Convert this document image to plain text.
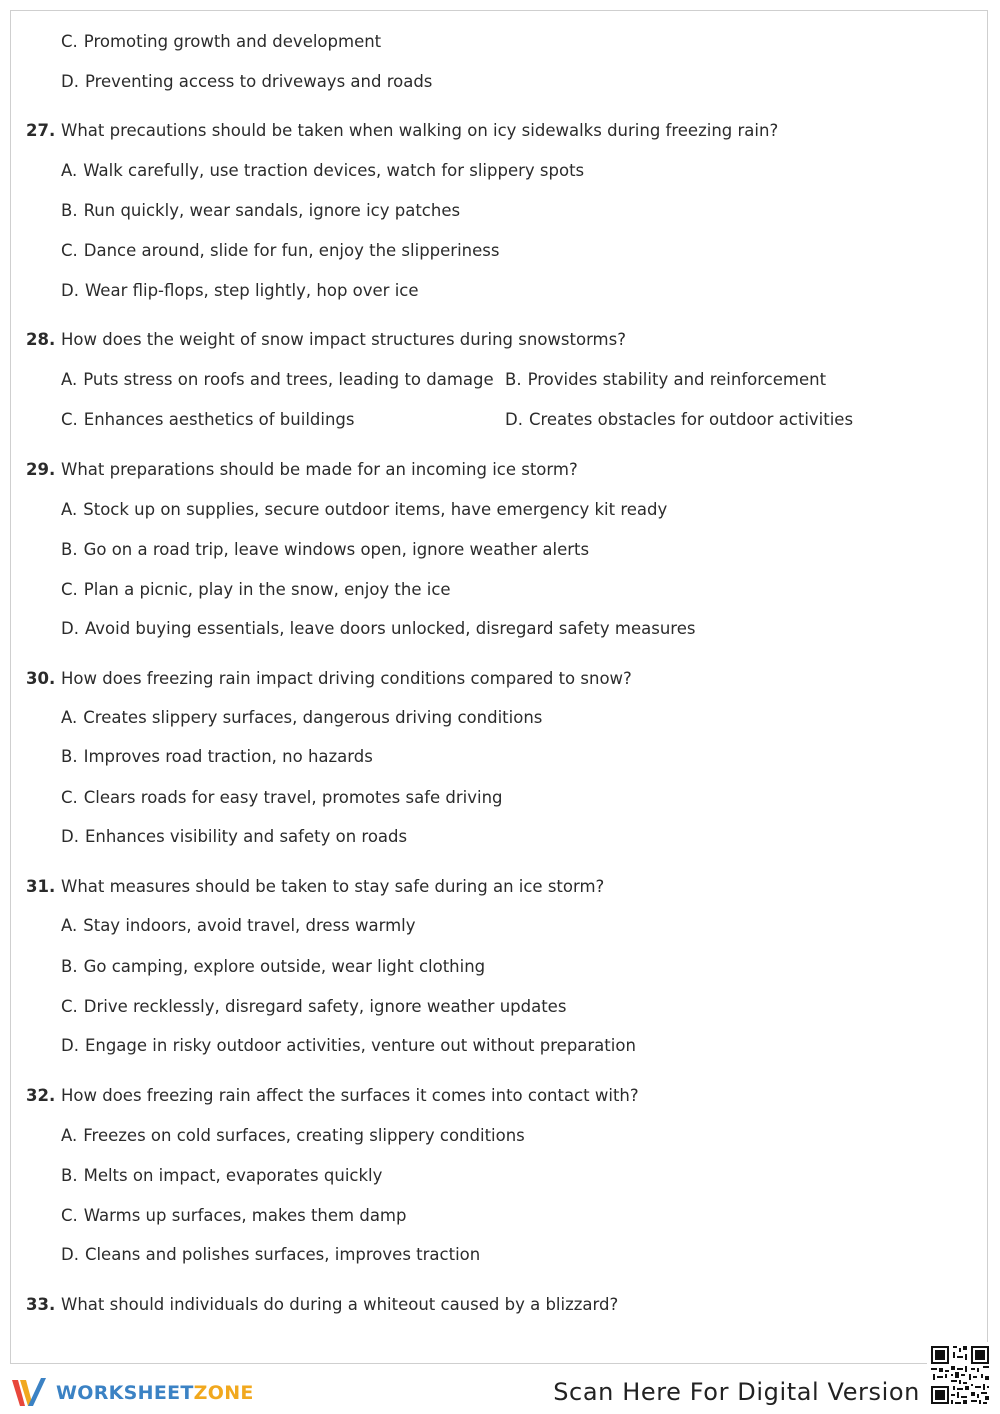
C. Promoting growth and development
D. Preventing access to driveways and roads
27. What precautions should be taken when walking on icy sidewalks during freezing rain?
A. Walk carefully, use traction devices, watch for slippery spots
B. Run quickly, wear sandals, ignore icy patches
C. Dance around, slide for fun, enjoy the slipperiness
D. Wear flip-flops, step lightly, hop over ice
28. How does the weight of snow impact structures during snowstorms?
A. Puts stress on roofs and trees, leading to damage B. Provides stability and reinforcement
C. Enhances aesthetics of buildings	D. Creates obstacles for outdoor activities
29. What preparations should be made for an incoming ice storm?
A. Stock up on supplies, secure outdoor items, have emergency kit ready
B. Go on a road trip, leave windows open, ignore weather alerts
C. Plan a picnic, play in the snow, enjoy the ice
D. Avoid buying essentials, leave doors unlocked, disregard safety measures
30. How does freezing rain impact driving conditions compared to snow?
A. Creates slippery surfaces, dangerous driving conditions
B. Improves road traction, no hazards
C. Clears roads for easy travel, promotes safe driving
D. Enhances visibility and safety on roads
31. What measures should be taken to stay safe during an ice storm?
A. Stay indoors, avoid travel, dress warmly
B. Go camping, explore outside, wear light clothing
C. Drive recklessly, disregard safety, ignore weather updates
D. Engage in risky outdoor activities, venture out without preparation
32. How does freezing rain affect the surfaces it comes into contact with?
A. Freezes on cold surfaces, creating slippery conditions
B. Melts on impact, evaporates quickly
C. Warms up surfaces, makes them damp
D. Cleans and polishes surfaces, improves traction
33. What should individuals do during a whiteout caused by a blizzard?
WORKSHEETZONE	Scan Here For Digital Version
